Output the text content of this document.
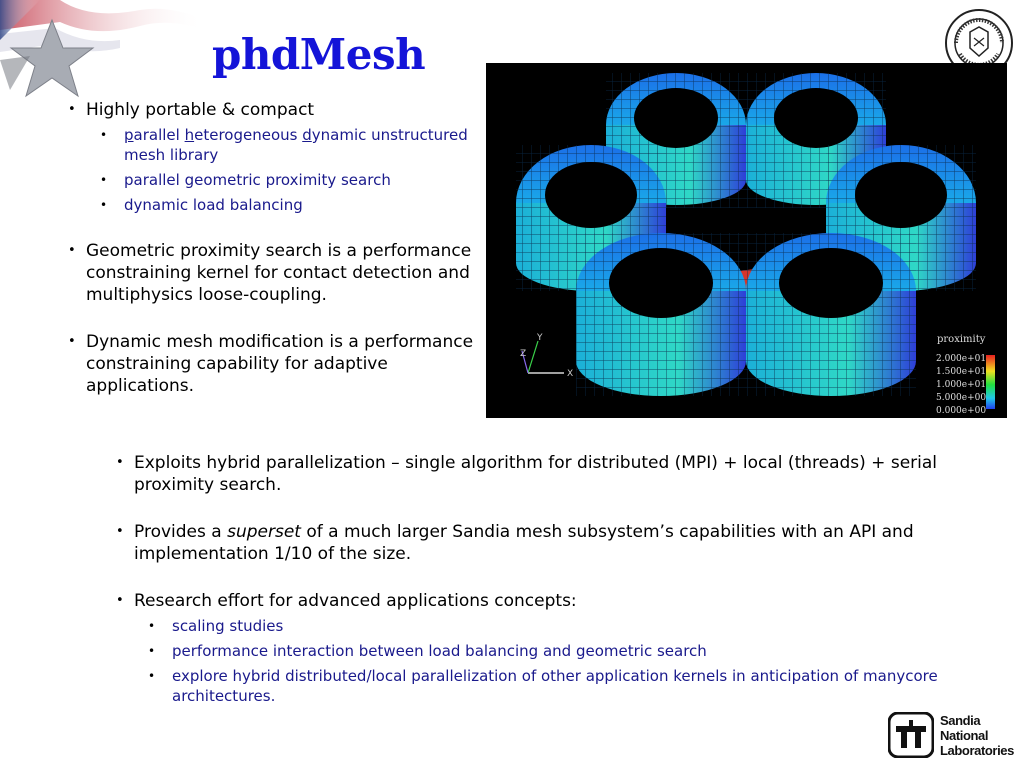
phdMesh
X
Y
Z
proximity
2.000e+01
1.500e+01
1.000e+01
5.000e+00
0.000e+00
• Highly portable & compact
• parallel heterogeneous dynamic unstructured mesh library
• parallel geometric proximity search
• dynamic load balancing
• Geometric proximity search is a performance constraining kernel for contact detection and multiphysics loose-coupling.
• Dynamic mesh modification is a performance constraining capability for adaptive applications.
• Exploits hybrid parallelization – single algorithm for distributed (MPI) + local (threads) + serial proximity search.
• Provides a superset of a much larger Sandia mesh subsystem’s capabilities with an API and implementation 1/10 of the size.
• Research effort for advanced applications concepts:
• scaling studies
• performance interaction between load balancing and geometric search
• explore hybrid distributed/local parallelization of other application kernels in anticipation of manycore architectures.
Sandia
National
Laboratories
